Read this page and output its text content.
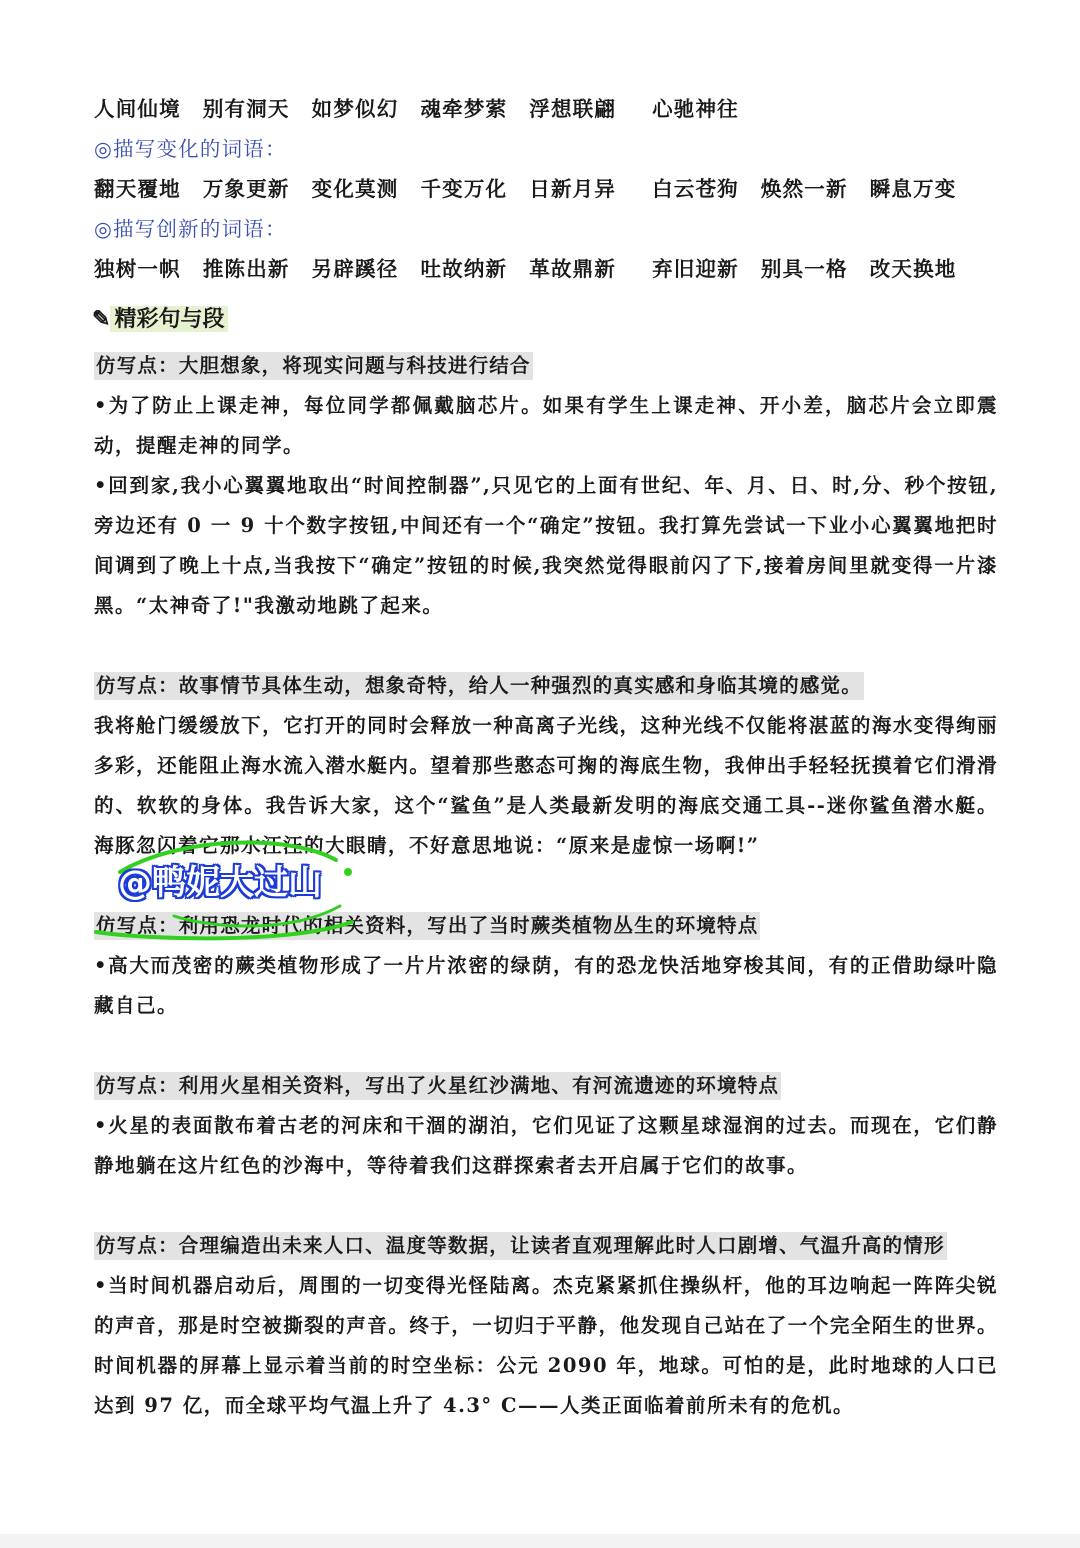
人间仙境 别有洞天 如梦似幻 魂牵梦萦 浮想联翩 心驰神往
◎描写变化的词语：
翻天覆地 万象更新 变化莫测 千变万化 日新月异 白云苍狗 焕然一新 瞬息万变
◎描写创新的词语：
独树一帜 推陈出新 另辟蹊径 吐故纳新 革故鼎新 弃旧迎新 别具一格 改天换地
✎ 精彩句与段
仿写点：大胆想象，将现实问题与科技进行结合
•为了防止上课走神，每位同学都佩戴脑芯片。如果有学生上课走神、开小差，脑芯片会立即震动，提醒走神的同学。
•回到家,我小心翼翼地取出“时间控制器”,只见它的上面有世纪、年、月、日、时,分、秒个按钮,旁边还有 0 一 9 十个数字按钮,中间还有一个“确定”按钮。我打算先尝试一下业小心翼翼地把时间调到了晚上十点,当我按下“确定”按钮的时候,我突然觉得眼前闪了下,接着房间里就变得一片漆黑。“太神奇了!"我激动地跳了起来。
仿写点：故事情节具体生动，想象奇特，给人一种强烈的真实感和身临其境的感觉。
我将舱门缓缓放下，它打开的同时会释放一种高离子光线，这种光线不仅能将湛蓝的海水变得绚丽多彩，还能阻止海水流入潜水艇内。望着那些憨态可掬的海底生物，我伸出手轻轻抚摸着它们滑滑的、软软的身体。我告诉大家，这个“鲨鱼”是人类最新发明的海底交通工具--迷你鲨鱼潜水艇。海豚忽闪着它那水汪汪的大眼睛，不好意思地说：“原来是虚惊一场啊!”
仿写点：利用恐龙时代的相关资料，写出了当时蕨类植物丛生的环境特点
•高大而茂密的蕨类植物形成了一片片浓密的绿荫，有的恐龙快活地穿梭其间，有的正借助绿叶隐藏自己。
仿写点：利用火星相关资料，写出了火星红沙满地、有河流遗迹的环境特点
•火星的表面散布着古老的河床和干涸的湖泊，它们见证了这颗星球湿润的过去。而现在，它们静静地躺在这片红色的沙海中，等待着我们这群探索者去开启属于它们的故事。
仿写点：合理编造出未来人口、温度等数据，让读者直观理解此时人口剧增、气温升高的情形
•当时间机器启动后，周围的一切变得光怪陆离。杰克紧紧抓住操纵杆，他的耳边响起一阵阵尖锐的声音，那是时空被撕裂的声音。终于，一切归于平静，他发现自己站在了一个完全陌生的世界。时间机器的屏幕上显示着当前的时空坐标：公元 2090 年，地球。可怕的是，此时地球的人口已达到 97 亿，而全球平均气温上升了 4.3° C——人类正面临着前所未有的危机。
@鸭妮大过山
